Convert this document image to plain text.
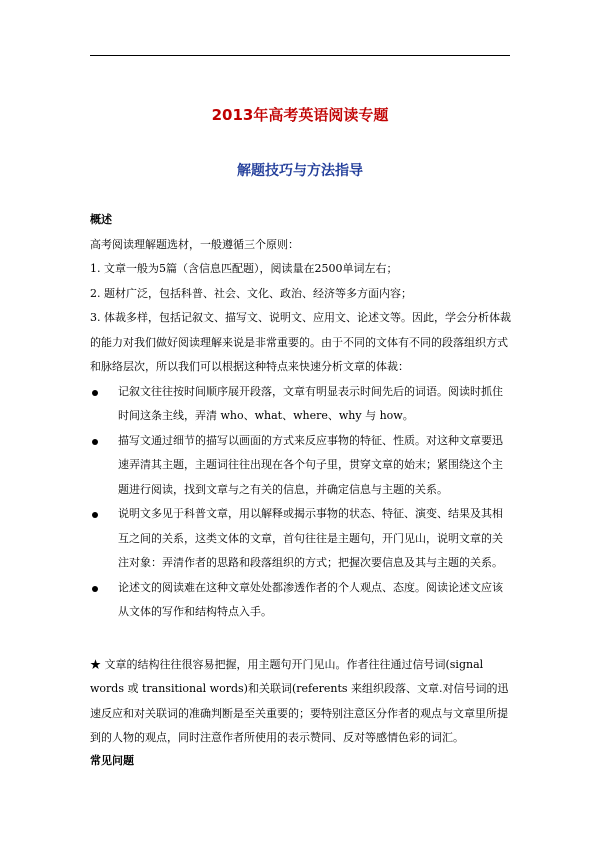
2013年高考英语阅读专题
解题技巧与方法指导

概述

高考阅读理解题选材，一般遵循三个原则：

1. 文章一般为5篇（含信息匹配题），阅读量在2500单词左右；

2. 题材广泛，包括科普、社会、文化、政治、经济等多方面内容；

3. 体裁多样，包括记叙文、描写文、说明文、应用文、论述文等。因此，学会分析体裁的能力对我们做好阅读理解来说是非常重要的。由于不同的文体有不同的段落组织方式和脉络层次，所以我们可以根据这种特点来快速分析文章的体裁：

记叙文往往按时间顺序展开段落，文章有明显表示时间先后的词语。阅读时抓住时间这条主线，弄清 who、what、where、why 与 how。
描写文通过细节的描写以画面的方式来反应事物的特征、性质。对这种文章要迅速弄清其主题，主题词往往出现在各个句子里，贯穿文章的始末；紧围绕这个主题进行阅读，找到文章与之有关的信息，并确定信息与主题的关系。
说明文多见于科普文章，用以解释或揭示事物的状态、特征、演变、结果及其相互之间的关系，这类文体的文章，首句往往是主题句，开门见山，说明文章的关注对象：弄清作者的思路和段落组织的方式；把握次要信息及其与主题的关系。
论述文的阅读难在这种文章处处都渗透作者的个人观点、态度。阅读论述文应该从文体的写作和结构特点入手。

★ 文章的结构往往很容易把握，用主题句开门见山。作者往往通过信号词(signal words 或 transitional words)和关联词(referents 来组织段落、文章.对信号词的迅速反应和对关联词的准确判断是至关重要的；要特别注意区分作者的观点与文章里所提到的人物的观点，同时注意作者所使用的表示赞同、反对等感情色彩的词汇。

常见问题
